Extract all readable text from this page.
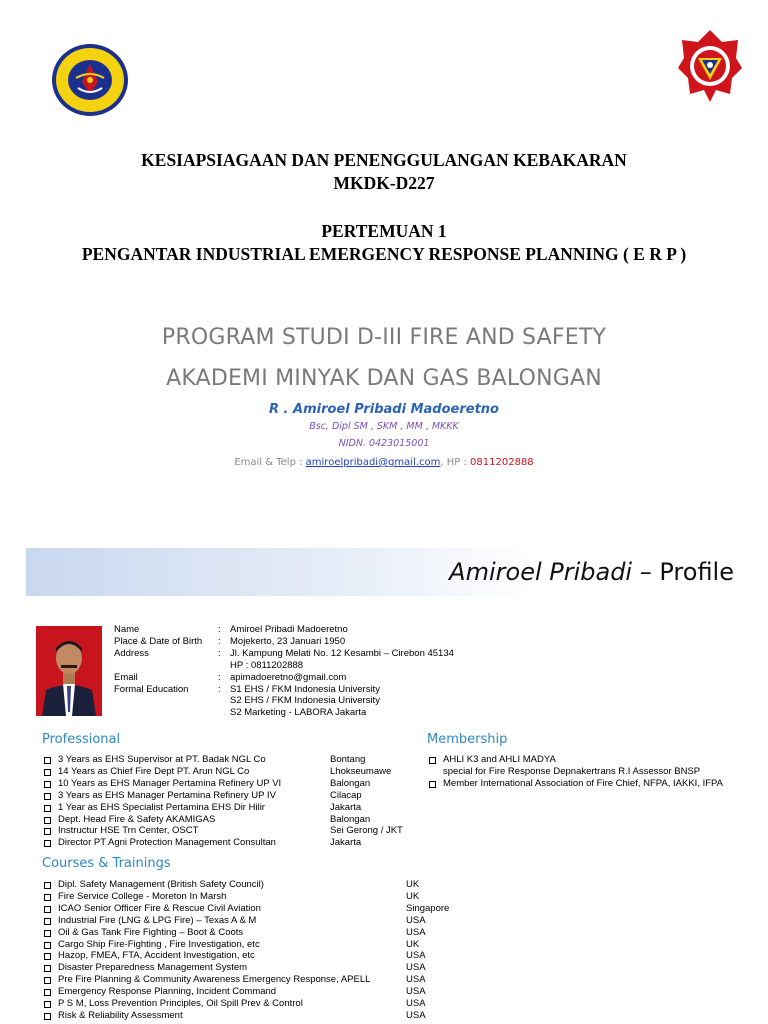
KESIAPSIAGAAN DAN PENENGGULANGAN KEBAKARAN
MKDK-D227
PERTEMUAN 1
PENGANTAR INDUSTRIAL EMERGENCY RESPONSE PLANNING ( E R P )
PROGRAM STUDI D-III FIRE AND SAFETY
AKADEMI MINYAK DAN GAS BALONGAN
R . Amiroel Pribadi Madoeretno
Bsc, Dipl SM , SKM , MM , MKKK
NIDN. 0423015001
Email & Telp : amiroelpribadi@gmail.com, HP : 0811202888
Amiroel Pribadi – Profile
Name	: Amiroel Pribadi Madoeretno
Place & Date of Birth	: Mojekerto, 23 Januari 1950
Address	: Jl. Kampung Melati No. 12 Kesambi – Cirebon 45134
HP : 0811202888
Email	: apimadoeretno@gmail.com
Formal Education	: S1 EHS / FKM Indonesia University
S2 EHS / FKM Indonesia University
S2 Marketing - LABORA Jakarta
Professional
3 Years as EHS Supervisor at PT. Badak NGL Co	Bontang
14 Years as Chief Fire Dept PT. Arun NGL Co	Lhokseumawe
10 Years as EHS Manager Pertamina Refinery UP VI	Balongan
3 Years as EHS Manager Pertamina Refinery UP IV	Cilacap
1 Year as EHS Specialist Pertamina EHS Dir Hilir	Jakarta
Dept. Head Fire & Safety AKAMIGAS	Balongan
Instructur HSE Trn Center, OSCT	Sei Gerong / JKT
Director PT Agni Protection Management Consultan	Jakarta
Membership
AHLI K3 and AHLI MADYA
special for Fire Response Depnakertrans R.I Assessor BNSP
Member International Association of Fire Chief, NFPA, IAKKI, IFPA
Courses & Trainings
Dipl. Safety Management (British Safety Council)	UK
Fire Service College - Moreton In Marsh	UK
ICAO Senior Officer Fire & Rescue Civil Aviation	Singapore
Industrial Fire (LNG & LPG Fire) – Texas A & M	USA
Oil & Gas Tank Fire Fighting – Boot & Coots	USA
Cargo Ship Fire-Fighting , Fire Investigation, etc	UK
Hazop, FMEA, FTA, Accident Investigation, etc	USA
Disaster Preparedness Management System	USA
Pre Fire Planning & Community Awareness Emergency Response, APELL	USA
Emergency Response Planning, Incident Command	USA
P S M, Loss Prevention Principles, Oil Spill Prev & Control	USA
Risk & Reliability Assessment	USA
